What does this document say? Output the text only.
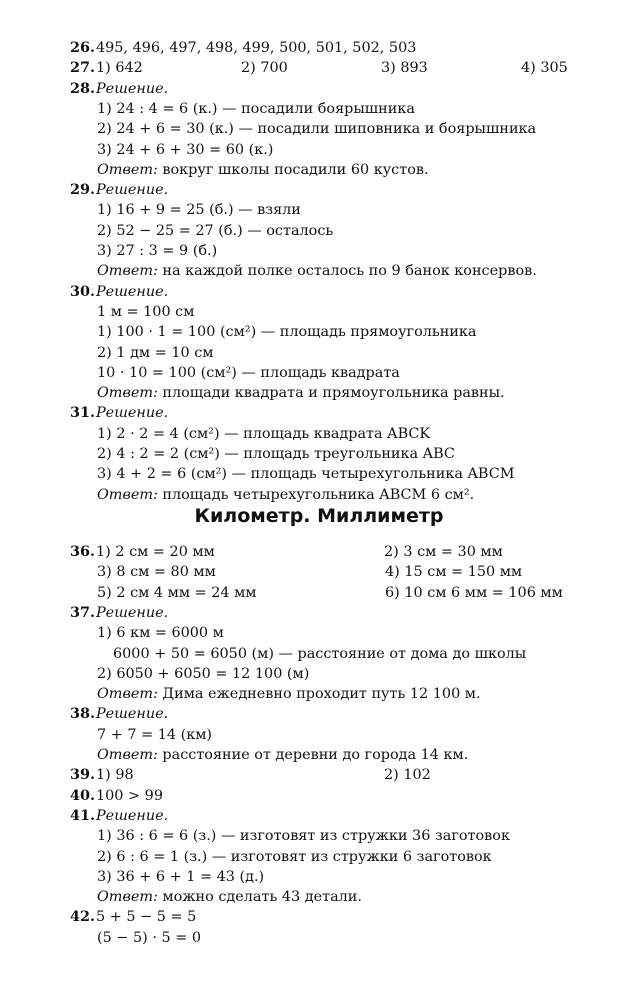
26.495, 496, 497, 498, 499, 500, 501, 502, 503
27. 1) 642	2) 700	3) 893	4) 305
28.Решение.
1) 24 : 4 = 6 (к.) — посадили боярышника
2) 24 + 6 = 30 (к.) — посадили шиповника и боярышника
3) 24 + 6 + 30 = 60 (к.)
Ответ: вокруг школы посадили 60 кустов.
29.Решение.
1) 16 + 9 = 25 (б.) — взяли
2) 52 − 25 = 27 (б.) — осталось
3) 27 : 3 = 9 (б.)
Ответ: на каждой полке осталось по 9 банок консервов.
30.Решение.
1 м = 100 см
1) 100 · 1 = 100 (см²) — площадь прямоугольника
2) 1 дм = 10 см
10 · 10 = 100 (см²) — площадь квадрата
Ответ: площади квадрата и прямоугольника равны.
31.Решение.
1) 2 · 2 = 4 (см²) — площадь квадрата ABCK
2) 4 : 2 = 2 (см²) — площадь треугольника ABC
3) 4 + 2 = 6 (см²) — площадь четырехугольника ABCM
Ответ: площадь четырехугольника ABCM 6 см².
Километр. Миллиметр
36. 1) 2 см = 20 мм	2) 3 см = 30 мм
3) 8 см = 80 мм	4) 15 см = 150 мм
5) 2 см 4 мм = 24 мм	6) 10 см 6 мм = 106 мм
37.Решение.
1) 6 км = 6000 м
6000 + 50 = 6050 (м) — расстояние от дома до школы
2) 6050 + 6050 = 12 100 (м)
Ответ: Дима ежедневно проходит путь 12 100 м.
38.Решение.
7 + 7 = 14 (км)
Ответ: расстояние от деревни до города 14 км.
39. 1) 98	2) 102
40.100 > 99
41.Решение.
1) 36 : 6 = 6 (з.) — изготовят из стружки 36 заготовок
2) 6 : 6 = 1 (з.) — изготовят из стружки 6 заготовок
3) 36 + 6 + 1 = 43 (д.)
Ответ: можно сделать 43 детали.
42.5 + 5 − 5 = 5
(5 − 5) · 5 = 0
